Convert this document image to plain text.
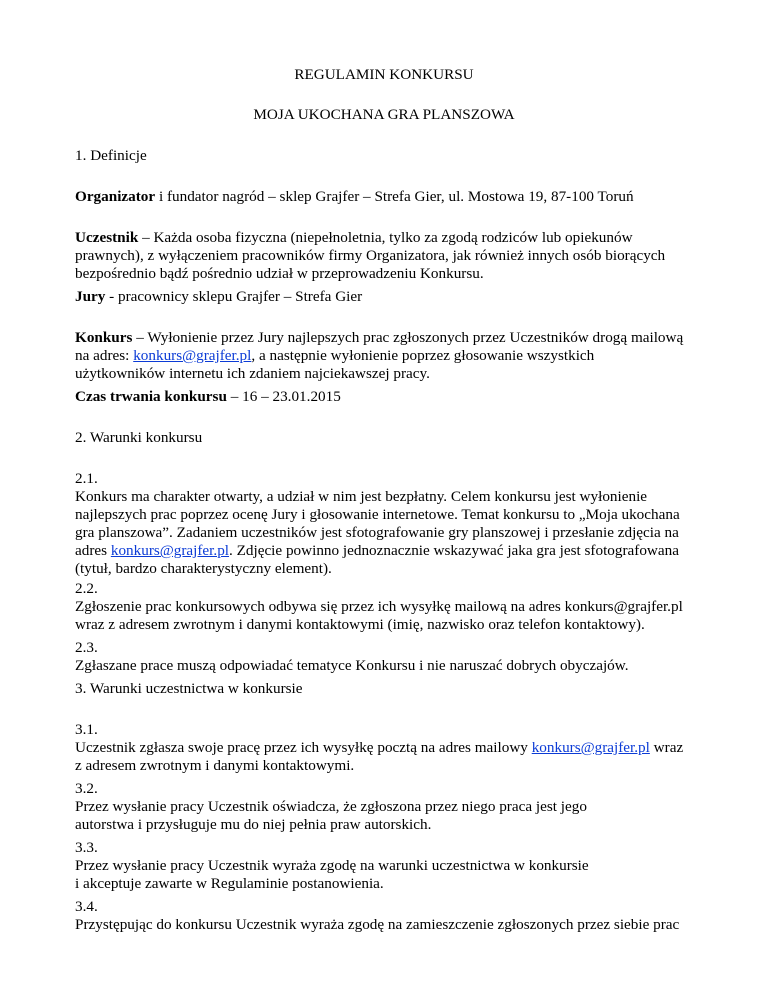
REGULAMIN KONKURSU
MOJA UKOCHANA GRA PLANSZOWA
1. Definicje
Organizator i fundator nagród – sklep Grajfer – Strefa Gier, ul. Mostowa 19, 87-100 Toruń
Uczestnik – Każda osoba fizyczna (niepełnoletnia, tylko za zgodą rodziców lub opiekunów
prawnych), z wyłączeniem pracowników firmy Organizatora, jak również innych osób biorących
bezpośrednio bądź pośrednio udział w przeprowadzeniu Konkursu.
Jury - pracownicy sklepu Grajfer – Strefa Gier
Konkurs – Wyłonienie przez Jury najlepszych prac zgłoszonych przez Uczestników drogą mailową
na adres: konkurs@grajfer.pl, a następnie wyłonienie poprzez głosowanie wszystkich
użytkowników internetu ich zdaniem najciekawszej pracy.
Czas trwania konkursu – 16 – 23.01.2015
2. Warunki konkursu
2.1.
Konkurs ma charakter otwarty, a udział w nim jest bezpłatny. Celem konkursu jest wyłonienie
najlepszych prac poprzez ocenę Jury i głosowanie internetowe. Temat konkursu to „Moja ukochana
gra planszowa”. Zadaniem uczestników jest sfotografowanie gry planszowej i przesłanie zdjęcia na
adres konkurs@grajfer.pl. Zdjęcie powinno jednoznacznie wskazywać jaka gra jest sfotografowana
(tytuł, bardzo charakterystyczny element).
2.2.
Zgłoszenie prac konkursowych odbywa się przez ich wysyłkę mailową na adres konkurs@grajfer.pl
wraz z adresem zwrotnym i danymi kontaktowymi (imię, nazwisko oraz telefon kontaktowy).
2.3.
Zgłaszane prace muszą odpowiadać tematyce Konkursu i nie naruszać dobrych obyczajów.
3. Warunki uczestnictwa w konkursie
3.1.
Uczestnik zgłasza swoje pracę przez ich wysyłkę pocztą na adres mailowy konkurs@grajfer.pl wraz
z adresem zwrotnym i danymi kontaktowymi.
3.2.
Przez wysłanie pracy Uczestnik oświadcza, że zgłoszona przez niego praca jest jego
autorstwa i przysługuje mu do niej pełnia praw autorskich.
3.3.
Przez wysłanie pracy Uczestnik wyraża zgodę na warunki uczestnictwa w konkursie
i akceptuje zawarte w Regulaminie postanowienia.
3.4.
Przystępując do konkursu Uczestnik wyraża zgodę na zamieszczenie zgłoszonych przez siebie prac
